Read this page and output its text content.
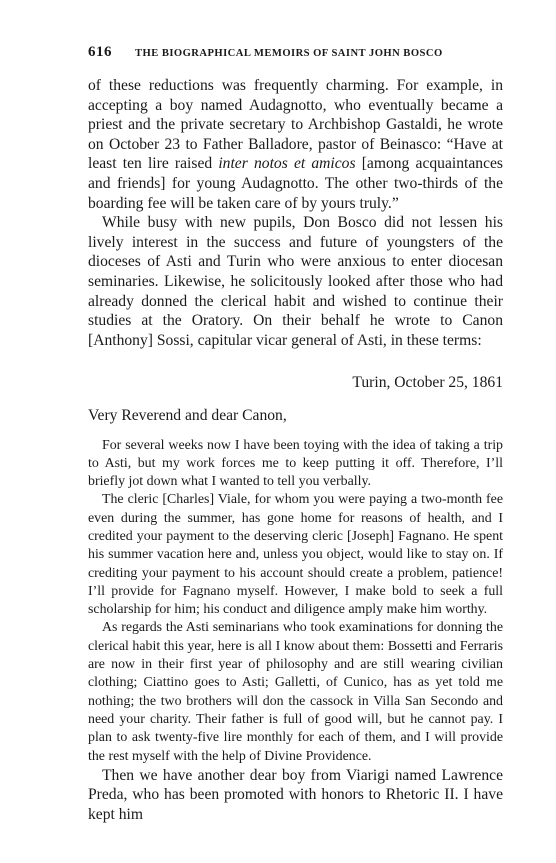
616	THE BIOGRAPHICAL MEMOIRS OF SAINT JOHN BOSCO

of these reductions was frequently charming. For example, in accepting a boy named Audagnotto, who eventually became a priest and the private secretary to Archbishop Gastaldi, he wrote on October 23 to Father Balladore, pastor of Beinasco: “Have at least ten lire raised inter notos et amicos [among acquaintances and friends] for young Audagnotto. The other two-thirds of the boarding fee will be taken care of by yours truly.”

While busy with new pupils, Don Bosco did not lessen his lively interest in the success and future of youngsters of the dioceses of Asti and Turin who were anxious to enter diocesan seminaries. Likewise, he solicitously looked after those who had already donned the clerical habit and wished to continue their studies at the Oratory. On their behalf he wrote to Canon [Anthony] Sossi, capitular vicar general of Asti, in these terms:

Turin, October 25, 1861
Very Reverend and dear Canon,

For several weeks now I have been toying with the idea of taking a trip to Asti, but my work forces me to keep putting it off. Therefore, I’ll briefly jot down what I wanted to tell you verbally.

The cleric [Charles] Viale, for whom you were paying a two-month fee even during the summer, has gone home for reasons of health, and I credited your payment to the deserving cleric [Joseph] Fagnano. He spent his summer vacation here and, unless you object, would like to stay on. If crediting your payment to his account should create a problem, patience! I’ll provide for Fagnano myself. However, I make bold to seek a full scholarship for him; his conduct and diligence amply make him worthy.

As regards the Asti seminarians who took examinations for donning the clerical habit this year, here is all I know about them: Bossetti and Ferraris are now in their first year of philosophy and are still wearing civilian clothing; Ciattino goes to Asti; Galletti, of Cunico, has as yet told me nothing; the two brothers will don the cassock in Villa San Secondo and need your charity. Their father is full of good will, but he cannot pay. I plan to ask twenty-five lire monthly for each of them, and I will provide the rest myself with the help of Divine Providence.

Then we have another dear boy from Viarigi named Lawrence Preda, who has been promoted with honors to Rhetoric II. I have kept him
